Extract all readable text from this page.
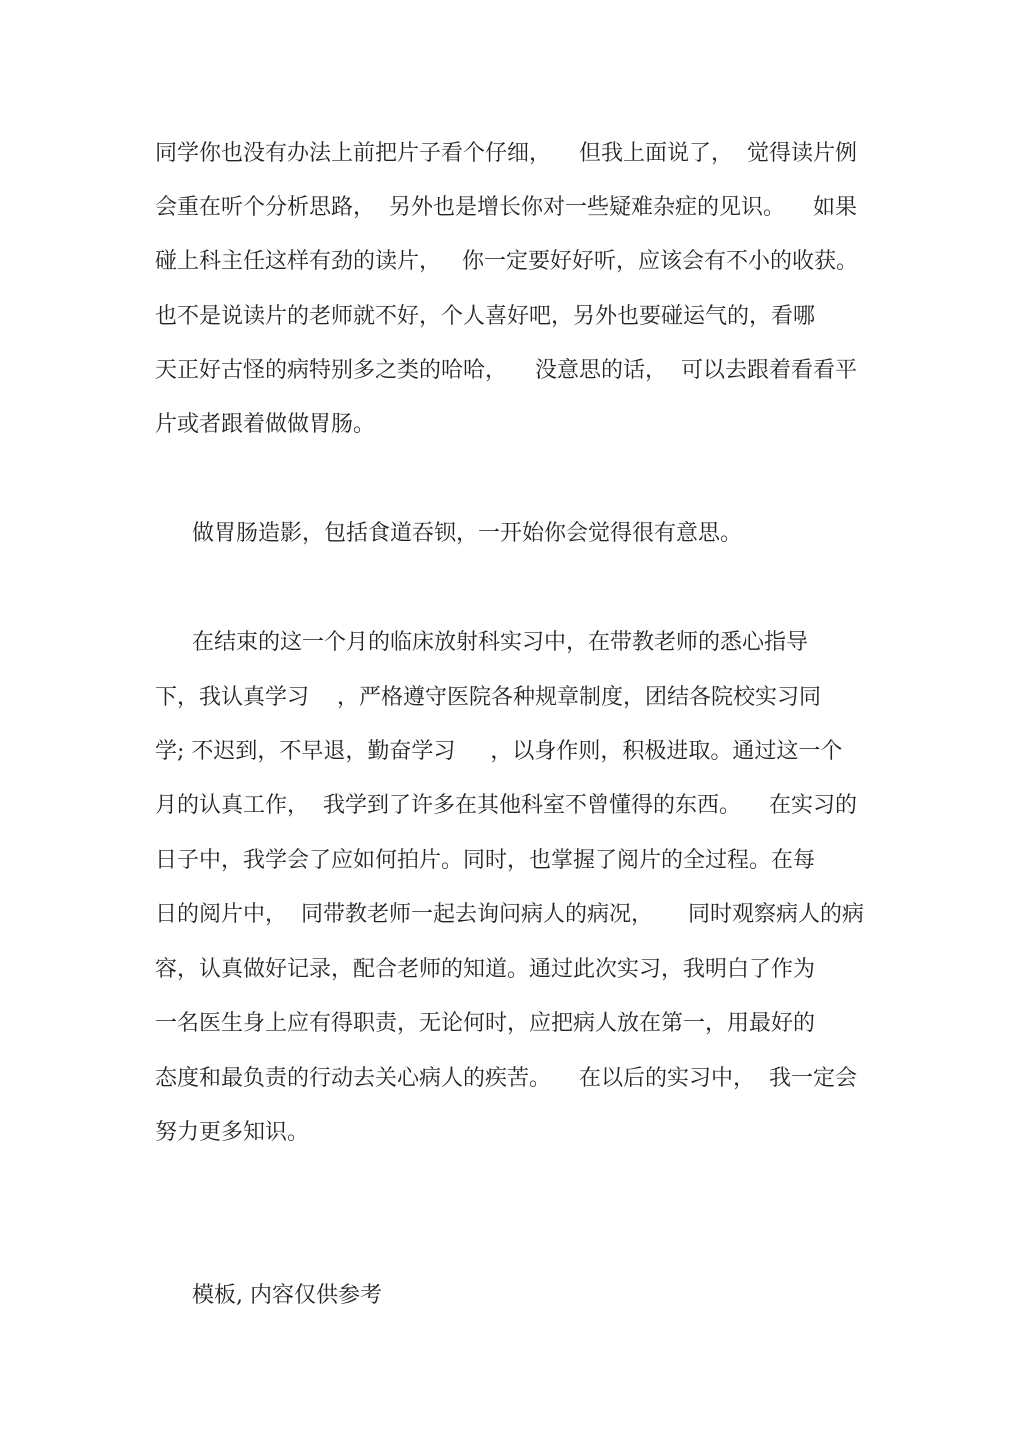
同学你也没有办法上前把片子看个仔细，    但我上面说了，  觉得读片例
会重在听个分析思路，  另外也是增长你对一些疑难杂症的见识。    如果
碰上科主任这样有劲的读片，   你一定要好好听，应该会有不小的收获。
也不是说读片的老师就不好，个人喜好吧，另外也要碰运气的，看哪
天正好古怪的病特别多之类的哈哈，    没意思的话，  可以去跟着看看平
片或者跟着做做胃肠。
做胃肠造影，包括食道吞钡，一开始你会觉得很有意思。
在结束的这一个月的临床放射科实习中，在带教老师的悉心指导
下，我认真学习    ，严格遵守医院各种规章制度，团结各院校实习同
学; 不迟到，不早退，勤奋学习     ，以身作则，积极进取。通过这一个
月的认真工作，  我学到了许多在其他科室不曾懂得的东西。    在实习的
日子中，我学会了应如何拍片。同时，也掌握了阅片的全过程。在每
日的阅片中，  同带教老师一起去询问病人的病况，     同时观察病人的病
容，认真做好记录，配合老师的知道。通过此次实习，我明白了作为
一名医生身上应有得职责，无论何时，应把病人放在第一，用最好的
态度和最负责的行动去关心病人的疾苦。    在以后的实习中，  我一定会
努力更多知识。
模板, 内容仅供参考
